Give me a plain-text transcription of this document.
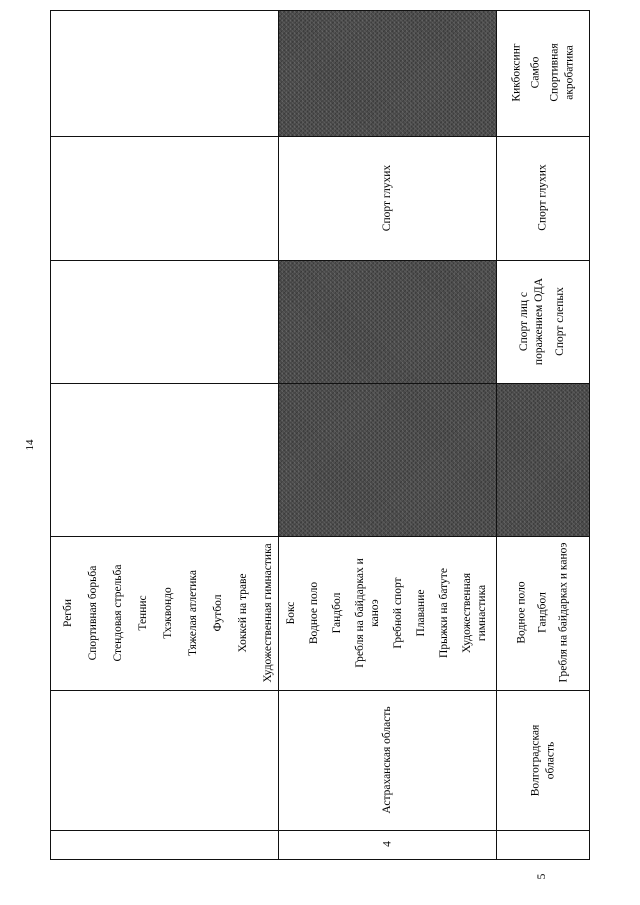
14
Регби Спортивная борьба Стендовая стрельба Теннис Тхэквондо Тяжелая атлетика Футбол Хоккей на траве Художественная гимнастика
4
Астраханская область
Бокс Водное поло Гандбол Гребля на байдарках и каноэ Гребной спорт Плавание Прыжки на батуте Художественная гимнастика
Спорт глухих
5
Волгоградская область
Водное поло Гандбол Гребля на байдарках и каноэ
Спорт лиц с поражением ОДА Спорт слепых
Спорт глухих
Кикбоксинг Самбо Спортивная акробатика
